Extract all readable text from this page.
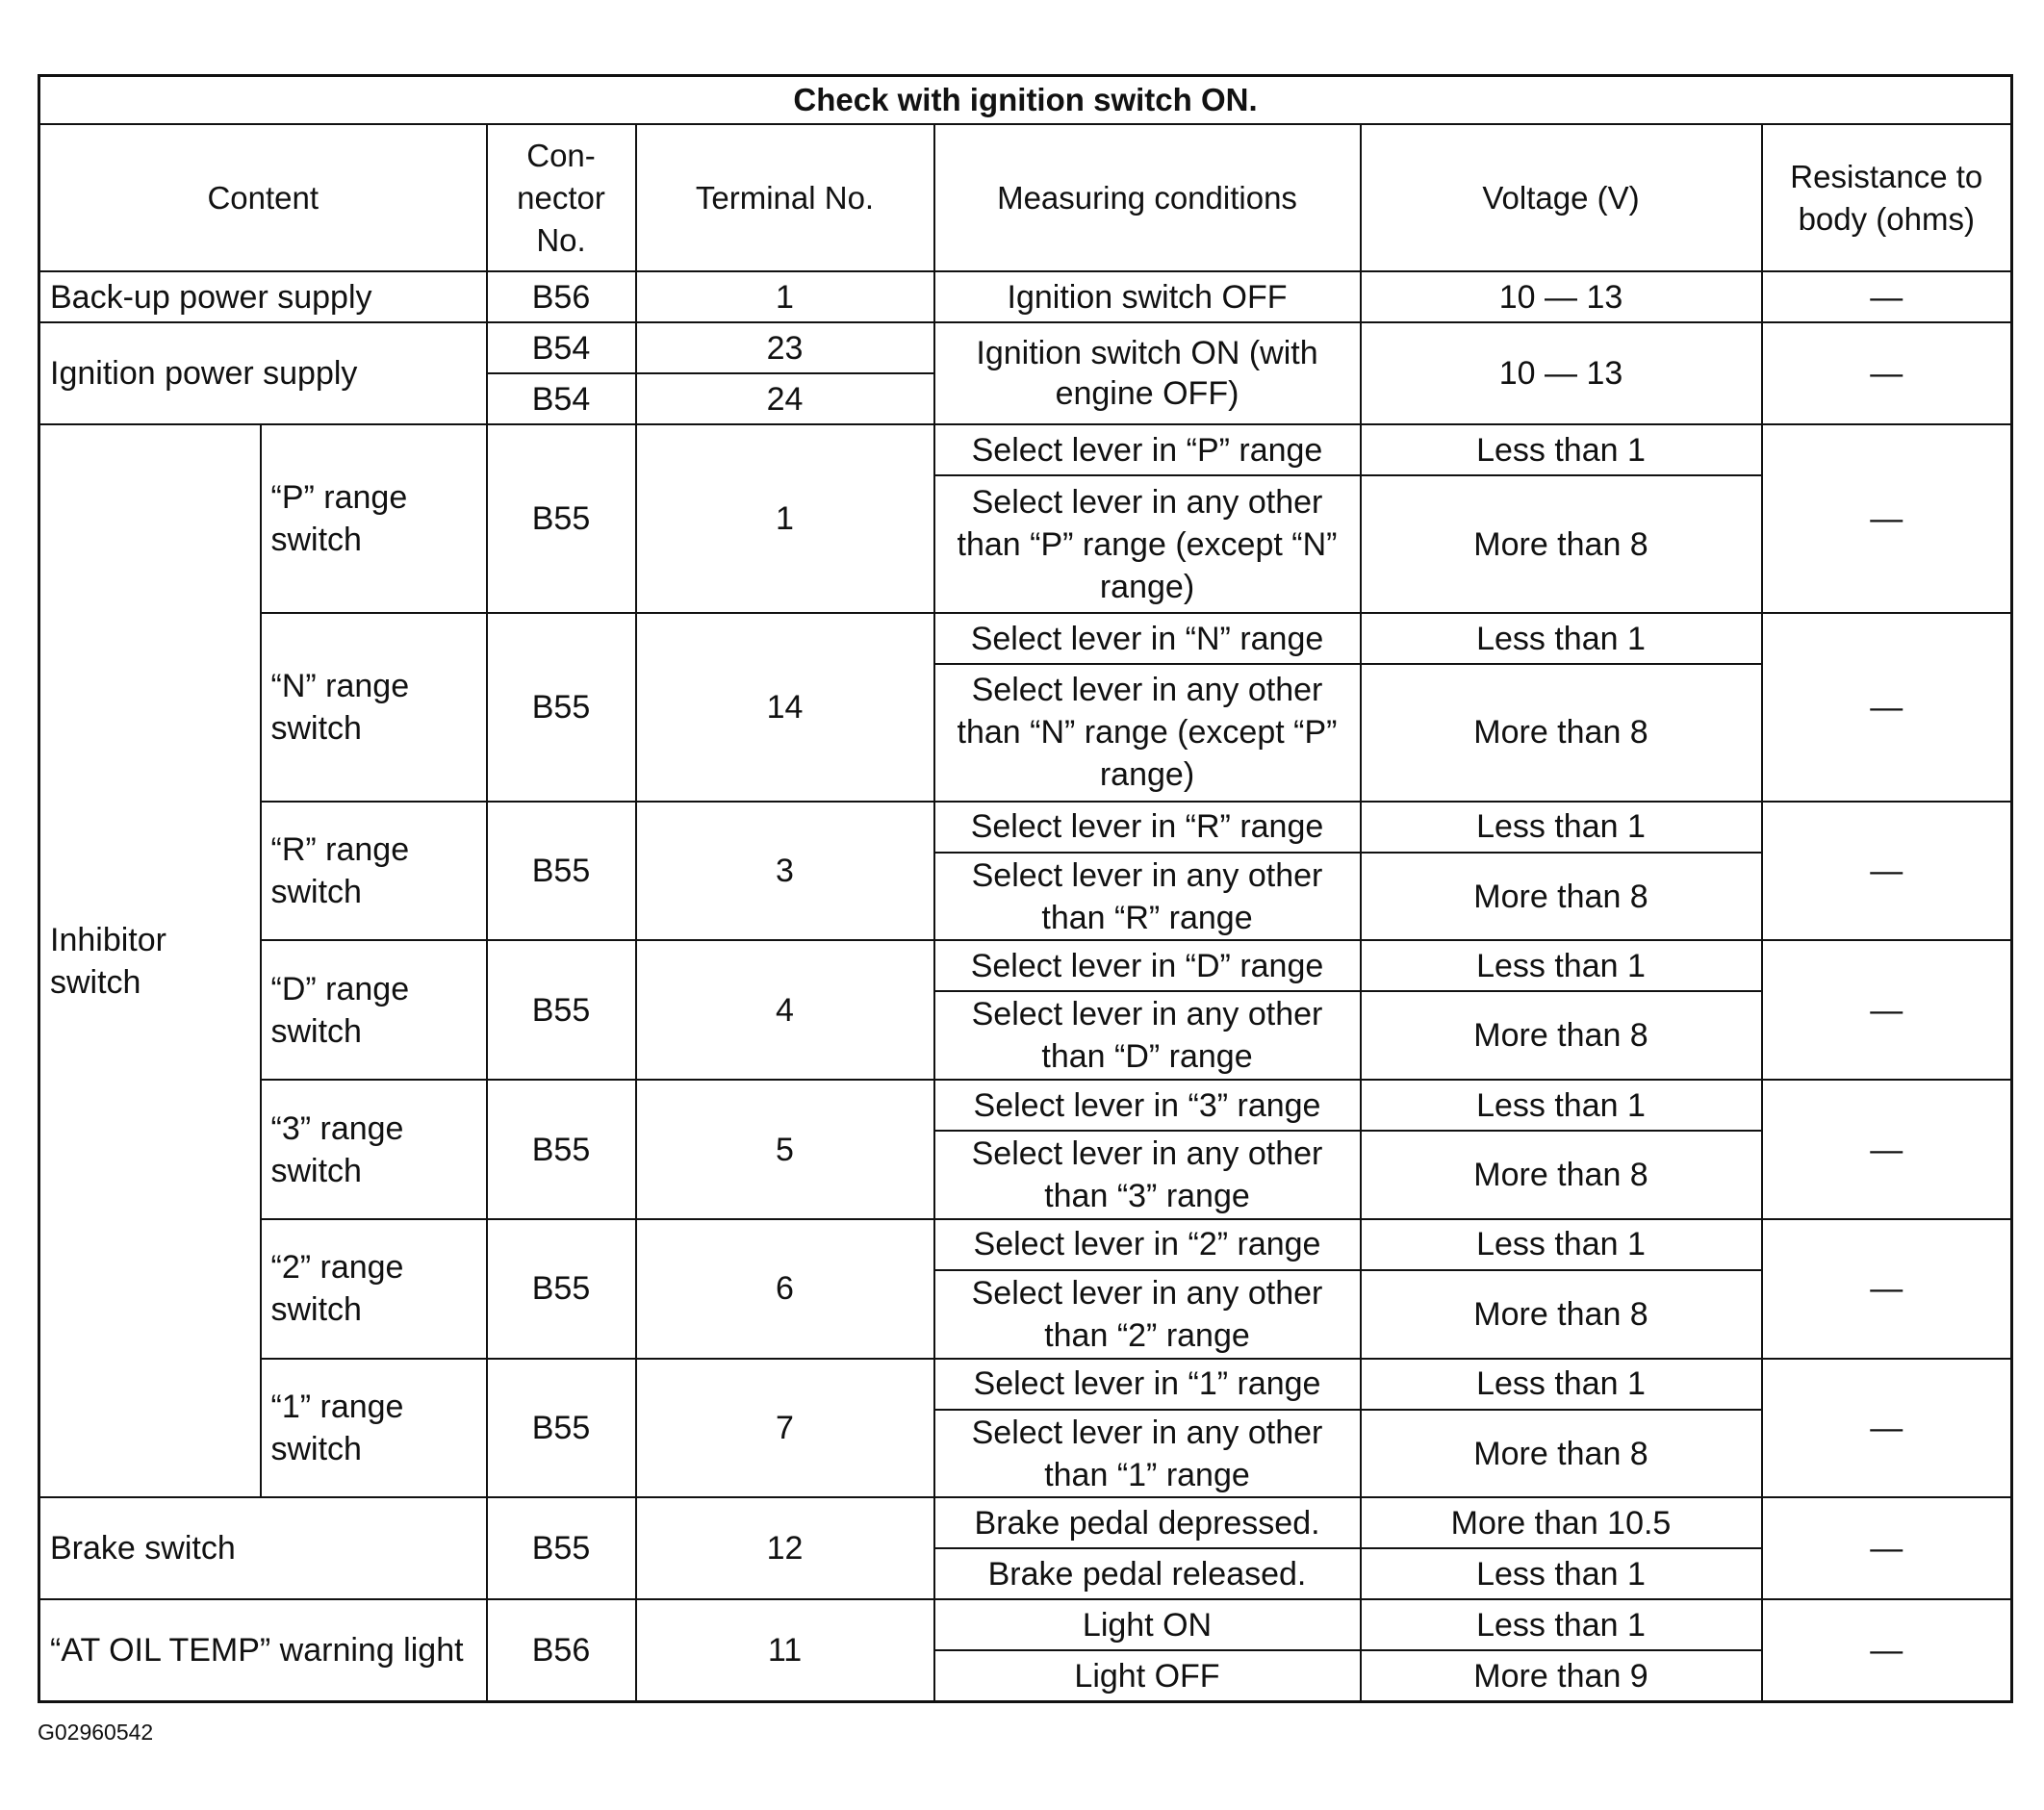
Check with ignition switch ON.						
Content		Con-
nector
No.	Terminal No.	Measuring conditions	Voltage (V)	Resistance to
body (ohms)
Back-up power supply		B56	1	Ignition switch OFF	10 — 13	—
Ignition power supply		B54	23	Ignition switch ON (with engine OFF)	10 — 13	—
		B54	24			
Inhibitor
switch	“P” range
switch	B55	1	Select lever in “P” range	Less than 1	—
				Select lever in any other than “P” range (except “N” range)	More than 8	
	“N” range
switch	B55	14	Select lever in “N” range	Less than 1	—
				Select lever in any other than “N” range (except “P” range)	More than 8	
	“R” range
switch	B55	3	Select lever in “R” range	Less than 1	—
				Select lever in any other than “R” range	More than 8	
	“D” range
switch	B55	4	Select lever in “D” range	Less than 1	—
				Select lever in any other than “D” range	More than 8	
	“3” range
switch	B55	5	Select lever in “3” range	Less than 1	—
				Select lever in any other than “3” range	More than 8	
	“2” range
switch	B55	6	Select lever in “2” range	Less than 1	—
				Select lever in any other than “2” range	More than 8	
	“1” range
switch	B55	7	Select lever in “1” range	Less than 1	—
				Select lever in any other than “1” range	More than 8	
Brake switch		B55	12	Brake pedal depressed.	More than 10.5	—
				Brake pedal released.	Less than 1	
“AT OIL TEMP” warning light		B56	11	Light ON	Less than 1	—
				Light OFF	More than 9	
G02960542
